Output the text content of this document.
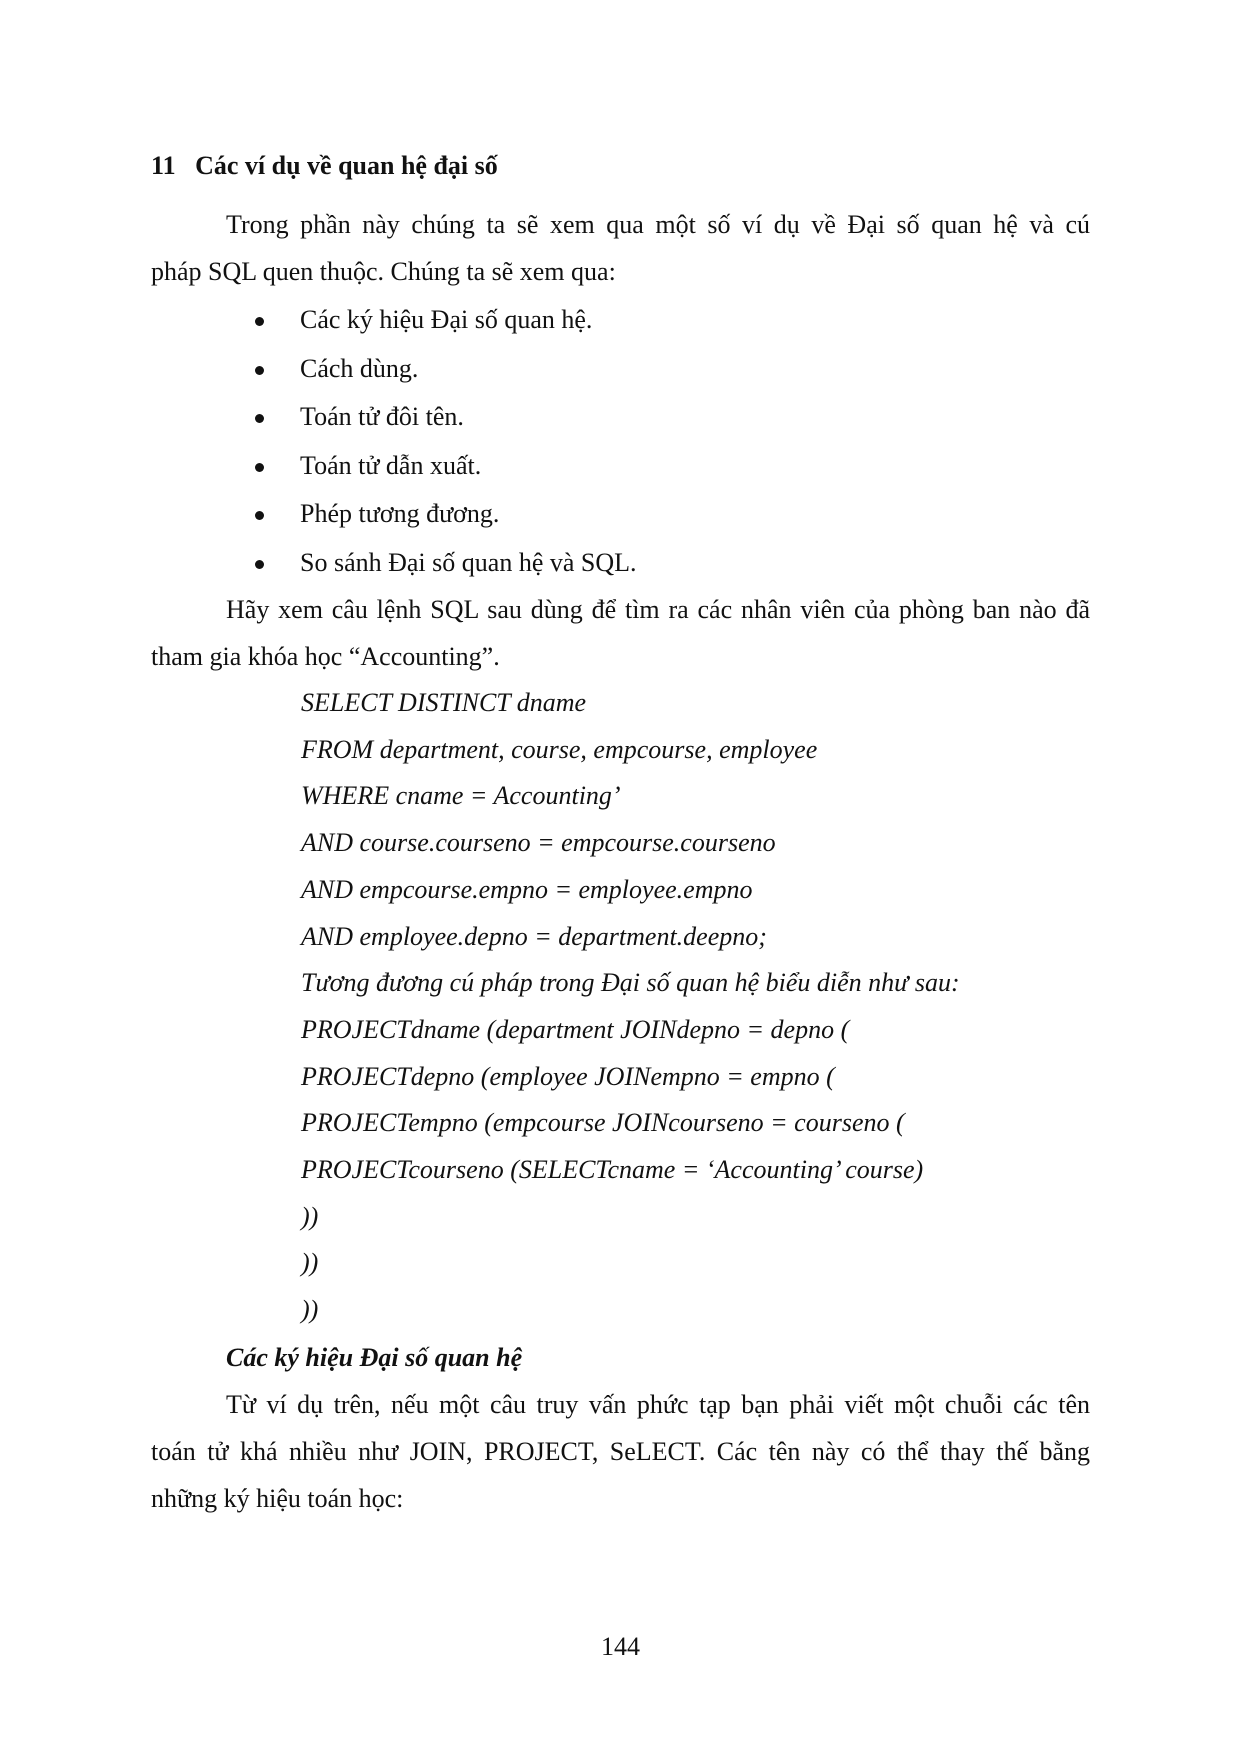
11 Các ví dụ về quan hệ đại số
Trong phần này chúng ta sẽ xem qua một số ví dụ về Đại số quan hệ và cú
pháp SQL quen thuộc. Chúng ta sẽ xem qua:
Các ký hiệu Đại số quan hệ.
Cách dùng.
Toán tử đôi tên.
Toán tử dẫn xuất.
Phép tương đương.
So sánh Đại số quan hệ và SQL.
Hãy xem câu lệnh SQL sau dùng để tìm ra các nhân viên của phòng ban nào đã
tham gia khóa học “Accounting”.
SELECT DISTINCT dname
FROM department, course, empcourse, employee
WHERE cname = Accounting’
AND course.courseno = empcourse.courseno
AND empcourse.empno = employee.empno
AND employee.depno = department.deepno;
Tương đương cú pháp trong Đại số quan hệ biểu diễn như sau:
PROJECTdname (department JOINdepno = depno (
PROJECTdepno (employee JOINempno = empno (
PROJECTempno (empcourse JOINcourseno = courseno (
PROJECTcourseno (SELECTcname = ‘Accounting’ course)
))
))
))
Các ký hiệu Đại số quan hệ
Từ ví dụ trên, nếu một câu truy vấn phức tạp bạn phải viết một chuỗi các tên
toán tử khá nhiều như JOIN, PROJECT, SeLECT. Các tên này có thể thay thế bằng
những ký hiệu toán học:
144
